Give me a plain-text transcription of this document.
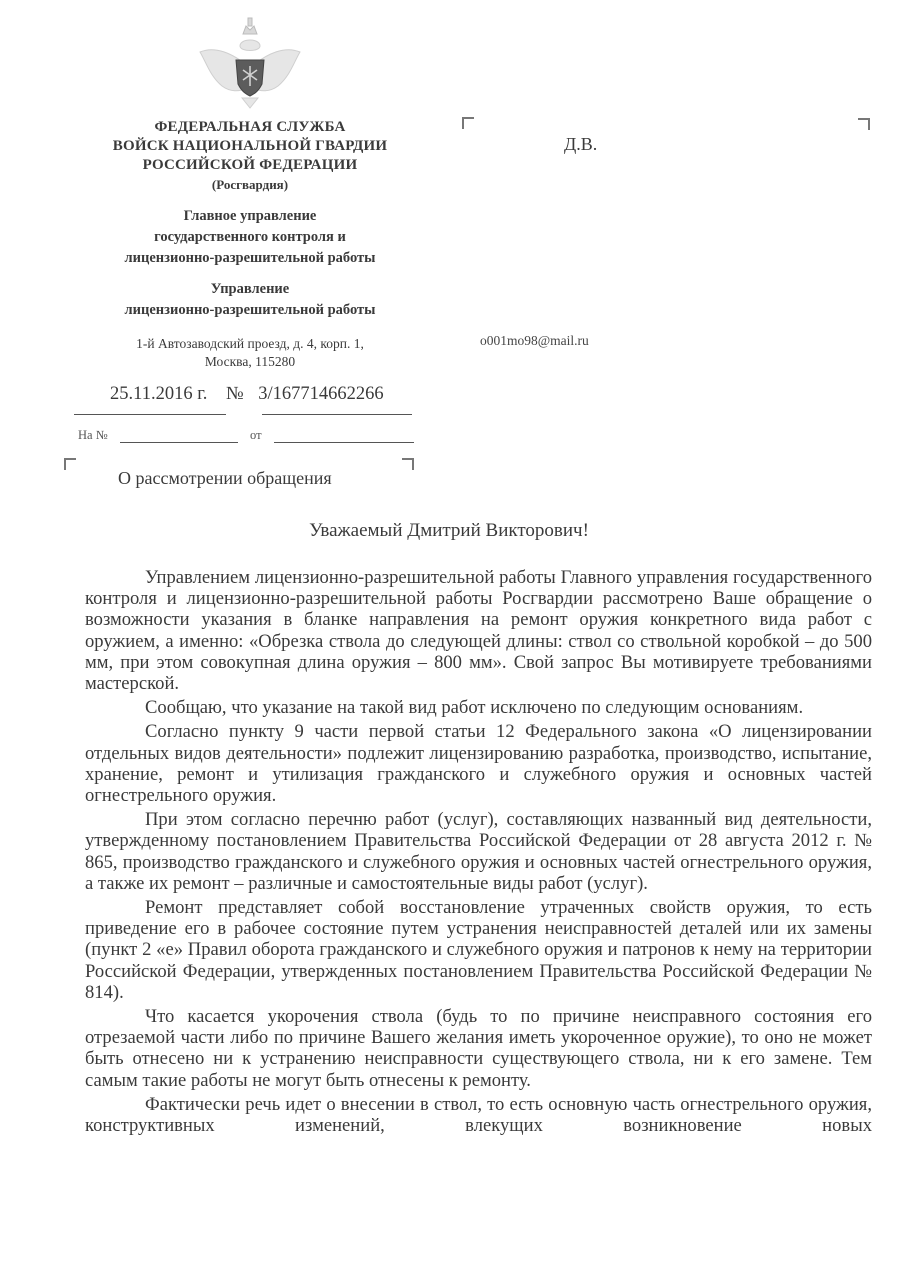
ФЕДЕРАЛЬНАЯ СЛУЖБА
ВОЙСК НАЦИОНАЛЬНОЙ ГВАРДИИ
РОССИЙСКОЙ ФЕДЕРАЦИИ
(Росгвардия)
Главное управление
государственного контроля и
лицензионно-разрешительной работы
Управление
лицензионно-разрешительной работы
1-й Автозаводский проезд, д. 4, корп. 1,
Москва, 115280
25.11.2016 г. № 3/167714662266
На №	от
О рассмотрении обращения
Д.В.
o001mo98@mail.ru
Уважаемый Дмитрий Викторович!

Управлением лицензионно-разрешительной работы Главного управления государственного контроля и лицензионно-разрешительной работы Росгвардии рассмотрено Ваше обращение о возможности указания в бланке направления на ремонт оружия конкретного вида работ с оружием, а именно: «Обрезка ствола до следующей длины: ствол со ствольной коробкой – до 500 мм, при этом совокупная длина оружия – 800 мм». Свой запрос Вы мотивируете требованиями мастерской.

Сообщаю, что указание на такой вид работ исключено по следующим основаниям.

Согласно пункту 9 части первой статьи 12 Федерального закона «О лицензировании отдельных видов деятельности» подлежит лицензированию разработка, производство, испытание, хранение, ремонт и утилизация гражданского и служебного оружия и основных частей огнестрельного оружия.

При этом согласно перечню работ (услуг), составляющих названный вид деятельности, утвержденному постановлением Правительства Российской Федерации от 28 августа 2012 г. № 865, производство гражданского и служебного оружия и основных частей огнестрельного оружия, а также их ремонт – различные и самостоятельные виды работ (услуг).

Ремонт представляет собой восстановление утраченных свойств оружия, то есть приведение его в рабочее состояние путем устранения неисправностей деталей или их замены (пункт 2 «е» Правил оборота гражданского и служебного оружия и патронов к нему на территории Российской Федерации, утвержденных постановлением Правительства Российской Федерации № 814).

Что касается укорочения ствола (будь то по причине неисправного состояния его отрезаемой части либо по причине Вашего желания иметь укороченное оружие), то оно не может быть отнесено ни к устранению неисправности существующего ствола, ни к его замене. Тем самым такие работы не могут быть отнесены к ремонту.

Фактически речь идет о внесении в ствол, то есть основную часть огнестрельного оружия, конструктивных изменений, влекущих возникновение новых
